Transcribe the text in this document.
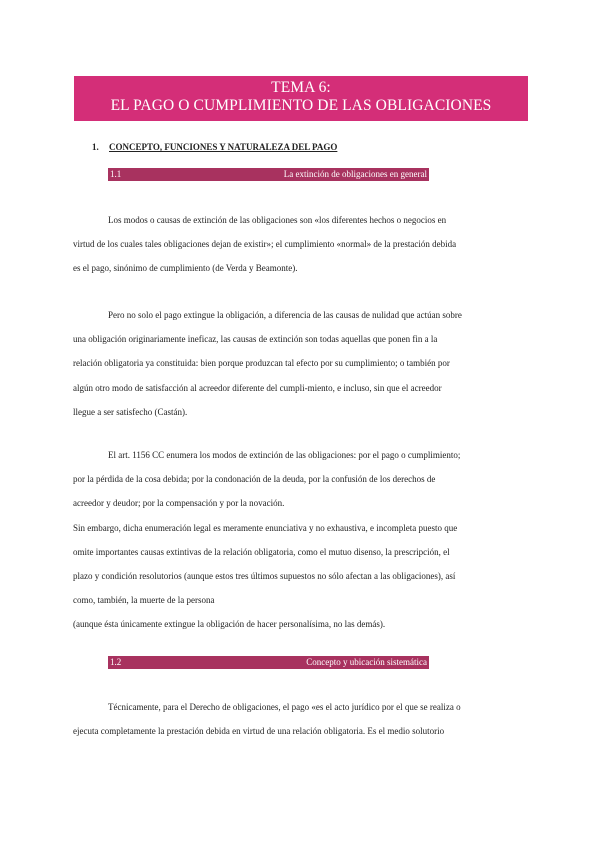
TEMA 6:
EL PAGO O CUMPLIMIENTO DE LAS OBLIGACIONES
1. CONCEPTO, FUNCIONES Y NATURALEZA DEL PAGO
1.1	La extinción de obligaciones en general
Los modos o causas de extinción de las obligaciones son «los diferentes hechos o negocios en
virtud de los cuales tales obligaciones dejan de existir»; el cumplimiento «normal» de la prestación debida
es el pago, sinónimo de cumplimiento (de Verda y Beamonte).
Pero no solo el pago extingue la obligación, a diferencia de las causas de nulidad que actúan sobre
una obligación originariamente ineficaz, las causas de extinción son todas aquellas que ponen fin a la
relación obligatoria ya constituida: bien porque produzcan tal efecto por su cumplimiento; o también por
algún otro modo de satisfacción al acreedor diferente del cumpli-miento, e incluso, sin que el acreedor
llegue a ser satisfecho (Castán).
El art. 1156 CC enumera los modos de extinción de las obligaciones: por el pago o cumplimiento;
por la pérdida de la cosa debida; por la condonación de la deuda, por la confusión de los derechos de
acreedor y deudor; por la compensación y por la novación.
Sin embargo, dicha enumeración legal es meramente enunciativa y no exhaustiva, e incompleta puesto que
omite importantes causas extintivas de la relación obligatoria, como el mutuo disenso, la prescripción, el
plazo y condición resolutorios (aunque estos tres últimos supuestos no sólo afectan a las obligaciones), así
como, también, la muerte de la persona
(aunque ésta únicamente extingue la obligación de hacer personalísima, no las demás).
1.2	Concepto y ubicación sistemática
Técnicamente, para el Derecho de obligaciones, el pago «es el acto jurídico por el que se realiza o
ejecuta completamente la prestación debida en virtud de una relación obligatoria. Es el medio solutorio
